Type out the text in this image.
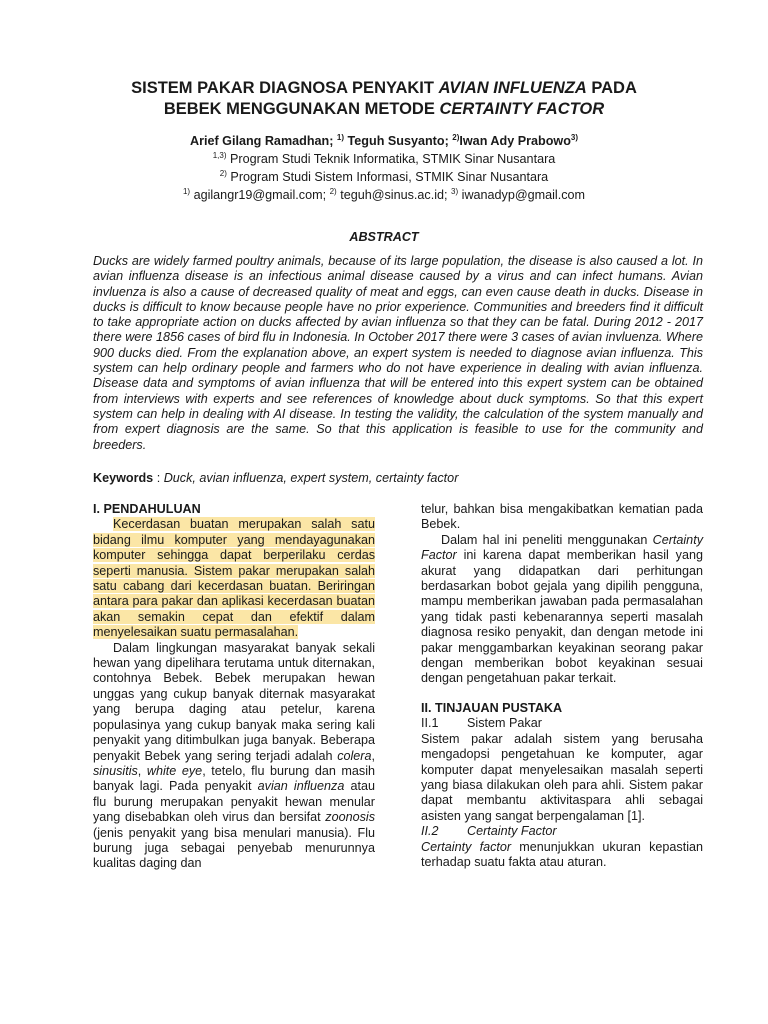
SISTEM PAKAR DIAGNOSA PENYAKIT AVIAN INFLUENZA PADA
BEBEK MENGGUNAKAN METODE CERTAINTY FACTOR
Arief Gilang Ramadhan; $^{1)}$ Teguh Susyanto; $^{2)}$Iwan Ady Prabowo$^{3)}$
$^{1,3)}$ Program Studi Teknik Informatika, STMIK Sinar Nusantara
$^{2)}$ Program Studi Sistem Informasi, STMIK Sinar Nusantara
$^{1)}$ agilangr19@gmail.com; $^{2)}$ teguh@sinus.ac.id; $^{3)}$ iwanadyp@gmail.com
ABSTRACT

Ducks are widely farmed poultry animals, because of its large population, the disease is also caused a lot. In avian influenza disease is an infectious animal disease caused by a virus and can infect humans. Avian invluenza is also a cause of decreased quality of meat and eggs, can even cause death in ducks. Disease in ducks is difficult to know because people have no prior experience. Communities and breeders find it difficult to take appropriate action on ducks affected by avian influenza so that they can be fatal. During 2012 - 2017 there were 1856 cases of bird flu in Indonesia. In October 2017 there were 3 cases of avian invluenza. Where 900 ducks died. From the explanation above, an expert system is needed to diagnose avian influenza. This system can help ordinary people and farmers who do not have experience in dealing with avian influenza. Disease data and symptoms of avian influenza that will be entered into this expert system can be obtained from interviews with experts and see references of knowledge about duck symptoms. So that this expert system can help in dealing with AI disease. In testing the validity, the calculation of the system manually and from expert diagnosis are the same. So that this application is feasible to use for the community and breeders.

Keywords : Duck, avian influenza, expert system, certainty factor

I. PENDAHULUAN

Kecerdasan buatan merupakan salah satu bidang ilmu komputer yang mendayagunakan komputer sehingga dapat berperilaku cerdas seperti manusia. Sistem pakar merupakan salah satu cabang dari kecerdasan buatan. Beriringan antara para pakar dan aplikasi kecerdasan buatan akan semakin cepat dan efektif dalam menyelesaikan suatu permasalahan.

Dalam lingkungan masyarakat banyak sekali hewan yang dipelihara terutama untuk diternakan, contohnya Bebek. Bebek merupakan hewan unggas yang cukup banyak diternak masyarakat yang berupa daging atau petelur, karena populasinya yang cukup banyak maka sering kali penyakit yang ditimbulkan juga banyak. Beberapa penyakit Bebek yang sering terjadi adalah colera, sinusitis, white eye, tetelo, flu burung dan masih banyak lagi. Pada penyakit avian influenza atau flu burung merupakan penyakit hewan menular yang disebabkan oleh virus dan bersifat zoonosis (jenis penyakit yang bisa menulari manusia). Flu burung juga sebagai penyebab menurunnya kualitas daging dan

telur, bahkan bisa mengakibatkan kematian pada Bebek.

Dalam hal ini peneliti menggunakan Certainty Factor ini karena dapat memberikan hasil yang akurat yang didapatkan dari perhitungan berdasarkan bobot gejala yang dipilih pengguna, mampu memberikan jawaban pada permasalahan yang tidak pasti kebenarannya seperti masalah diagnosa resiko penyakit, dan dengan metode ini pakar menggambarkan keyakinan seorang pakar dengan memberikan bobot keyakinan sesuai dengan pengetahuan pakar terkait.

II. TINJAUAN PUSTAKA

II.1	Sistem Pakar

Sistem pakar adalah sistem yang berusaha mengadopsi pengetahuan ke komputer, agar komputer dapat menyelesaikan masalah seperti yang biasa dilakukan oleh para ahli. Sistem pakar dapat membantu aktivitaspara ahli sebagai asisten yang sangat berpengalaman [1].

II.2	Certainty Factor

Certainty factor menunjukkan ukuran kepastian terhadap suatu fakta atau aturan.
